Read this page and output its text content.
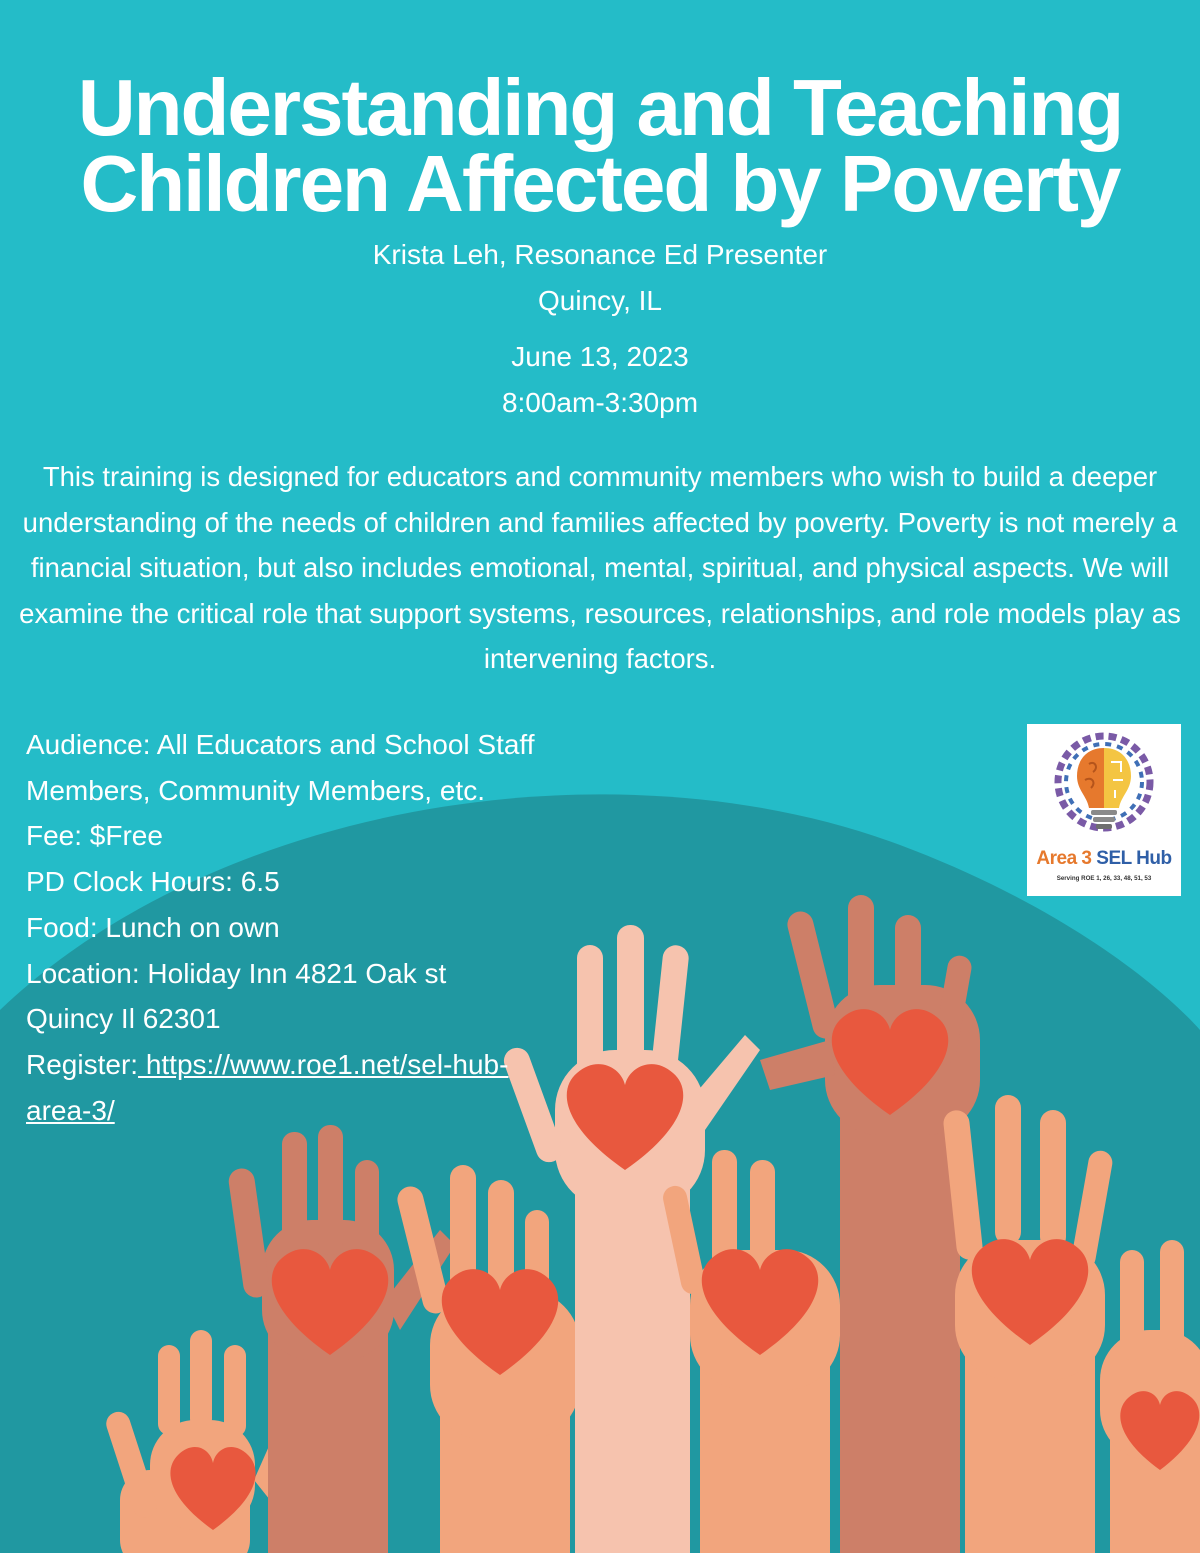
Understanding and Teaching
Children Affected by Poverty
Krista Leh, Resonance Ed Presenter
Quincy, IL
June 13, 2023
8:00am-3:30pm

This training is designed for educators and community members who wish to build a deeper understanding of the needs of children and families affected by poverty. Poverty is not merely a financial situation, but also includes emotional, mental, spiritual, and physical aspects. We will examine the critical role that support systems, resources, relationships, and role models play as intervening factors.

Audience: All Educators and School Staff Members, Community Members, etc.
Fee: $Free
PD Clock Hours: 6.5
Food: Lunch on own
Location: Holiday Inn 4821 Oak st Quincy Il 62301
Register: https://www.roe1.net/sel-hub-area-3/
Area 3 SEL Hub
Serving ROE 1, 26, 33, 48, 51, 53
